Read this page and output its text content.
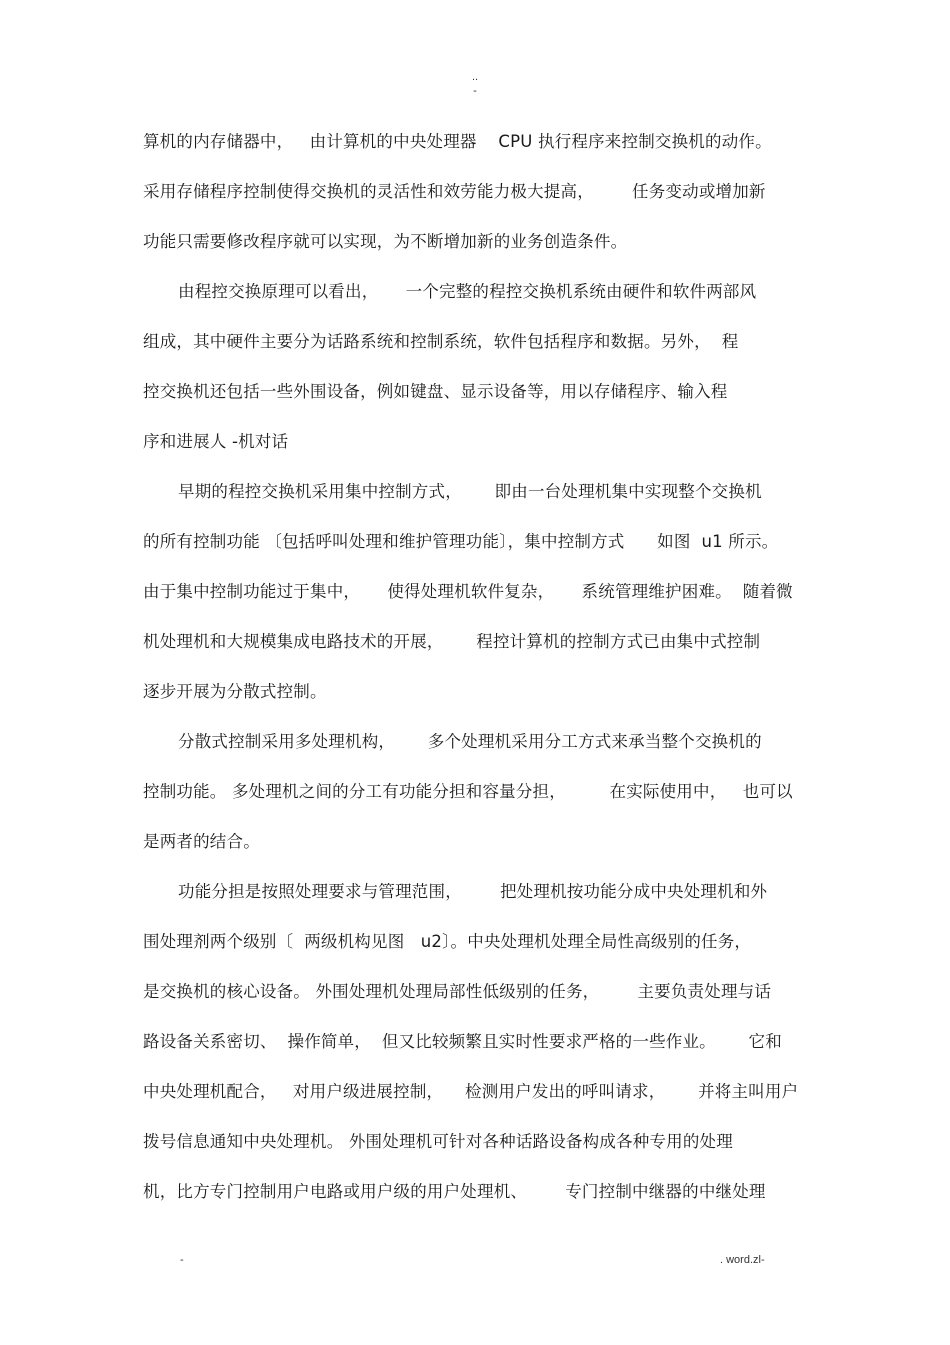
..
-
算机的内存储器中，   由计算机的中央处理器    CPU 执行程序来控制交换机的动作。
采用存储程序控制使得交换机的灵活性和效劳能力极大提高，       任务变动或增加新
功能只需要修改程序就可以实现，为不断增加新的业务创造条件。
由程控交换原理可以看出，     一个完整的程控交换机系统由硬件和软件两部风
组成，其中硬件主要分为话路系统和控制系统，软件包括程序和数据。另外，  程
控交换机还包括一些外围设备，例如键盘、显示设备等，用以存储程序、输入程
序和进展人 -机对话
早期的程控交换机采用集中控制方式，      即由一台处理机集中实现整个交换机
的所有控制功能 〔包括呼叫处理和维护管理功能〕，集中控制方式      如图  u1 所示。
由于集中控制功能过于集中，     使得处理机软件复杂，     系统管理维护困难。  随着微
机处理机和大规模集成电路技术的开展，      程控计算机的控制方式已由集中式控制
逐步开展为分散式控制。
分散式控制采用多处理机构，      多个处理机采用分工方式来承当整个交换机的
控制功能。 多处理机之间的分工有功能分担和容量分担，        在实际使用中，   也可以
是两者的结合。
功能分担是按照处理要求与管理范围，       把处理机按功能分成中央处理机和外
围处理剂两个级别〔  两级机构见图   u2〕。中央处理机处理全局性高级别的任务，
是交换机的核心设备。 外围处理机处理局部性低级别的任务，       主要负责处理与话
路设备关系密切、  操作简单，  但又比较频繁且实时性要求严格的一些作业。      它和
中央处理机配合，   对用户级进展控制，    检测用户发出的呼叫请求，      并将主叫用户
拨号信息通知中央处理机。 外围处理机可针对各种话路设备构成各种专用的处理
机，比方专门控制用户电路或用户级的用户处理机、       专门控制中继器的中继处理
-	. word.zl-
